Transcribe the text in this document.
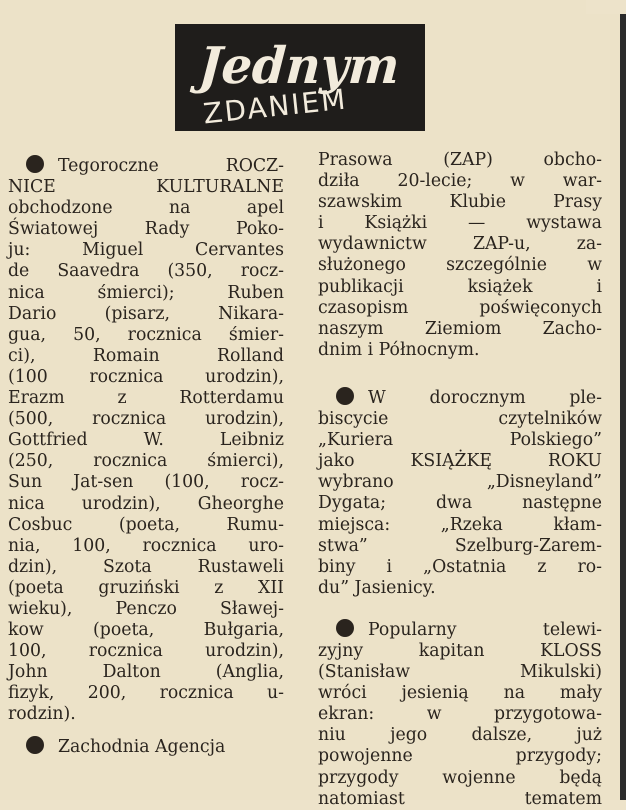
Jednym
ZDANIEM
Tegoroczne ROCZ-
NICE KULTURALNE
obchodzone na apel
Światowej Rady Poko-
ju: Miguel Cervantes
de Saavedra (350, rocz-
nica śmierci); Ruben
Dario (pisarz, Nikara-
gua, 50, rocznica śmier-
ci), Romain Rolland
(100 rocznica urodzin),
Erazm z Rotterdamu
(500, rocznica urodzin),
Gottfried W. Leibniz
(250, rocznica śmierci),
Sun Jat-sen (100, rocz-
nica urodzin), Gheorghe
Cosbuc (poeta, Rumu-
nia, 100, rocznica uro-
dzin), Szota Rustaweli
(poeta gruziński z XII
wieku), Penczo Sławej-
kow (poeta, Bułgaria,
100, rocznica urodzin),
John Dalton (Anglia,
fizyk, 200, rocznica u-
rodzin).
Zachodnia Agencja
Prasowa (ZAP) obcho-
dziła 20-lecie; w war-
szawskim Klubie Prasy
i Książki — wystawa
wydawnictw ZAP-u, za-
służonego szczególnie w
publikacji książek i
czasopism poświęconych
naszym Ziemiom Zacho-
dnim i Północnym.
W dorocznym ple-
biscycie czytelników
„Kuriera Polskiego”
jako KSIĄŻKĘ ROKU
wybrano „Disneyland”
Dygata; dwa następne
miejsca: „Rzeka kłam-
stwa” Szelburg-Zarem-
biny i „Ostatnia z ro-
du” Jasienicy.
Popularny telewi-
zyjny kapitan KLOSS
(Stanisław Mikulski)
wróci jesienią na mały
ekran: w przygotowa-
niu jego dalsze, już
powojenne przygody;
przygody wojenne będą
natomiast tematem
